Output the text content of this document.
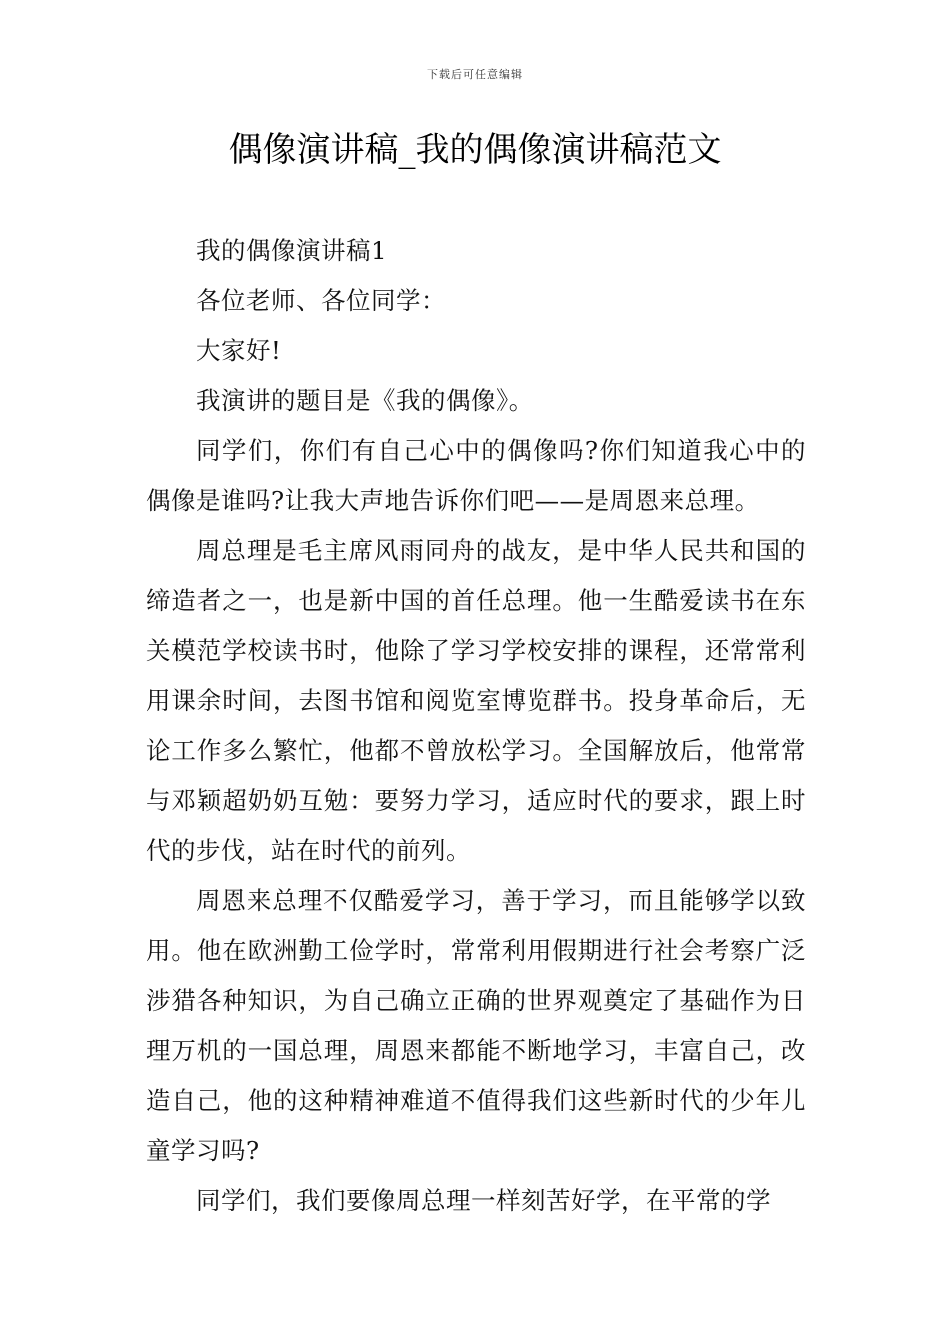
下载后可任意编辑
偶像演讲稿_我的偶像演讲稿范文

我的偶像演讲稿1

各位老师、各位同学：

大家好!

我演讲的题目是《我的偶像》。

同学们，你们有自己心中的偶像吗?你们知道我心中的偶像是谁吗?让我大声地告诉你们吧——是周恩来总理。

周总理是毛主席风雨同舟的战友，是中华人民共和国的缔造者之一，也是新中国的首任总理。他一生酷爱读书在东关模范学校读书时，他除了学习学校安排的课程，还常常利用课余时间，去图书馆和阅览室博览群书。投身革命后，无论工作多么繁忙，他都不曾放松学习。全国解放后，他常常与邓颖超奶奶互勉：要努力学习，适应时代的要求，跟上时代的步伐，站在时代的前列。

周恩来总理不仅酷爱学习，善于学习，而且能够学以致用。他在欧洲勤工俭学时，常常利用假期进行社会考察广泛涉猎各种知识，为自己确立正确的世界观奠定了基础作为日理万机的一国总理，周恩来都能不断地学习，丰富自己，改造自己，他的这种精神难道不值得我们这些新时代的少年儿童学习吗?

同学们，我们要像周总理一样刻苦好学，在平常的学
